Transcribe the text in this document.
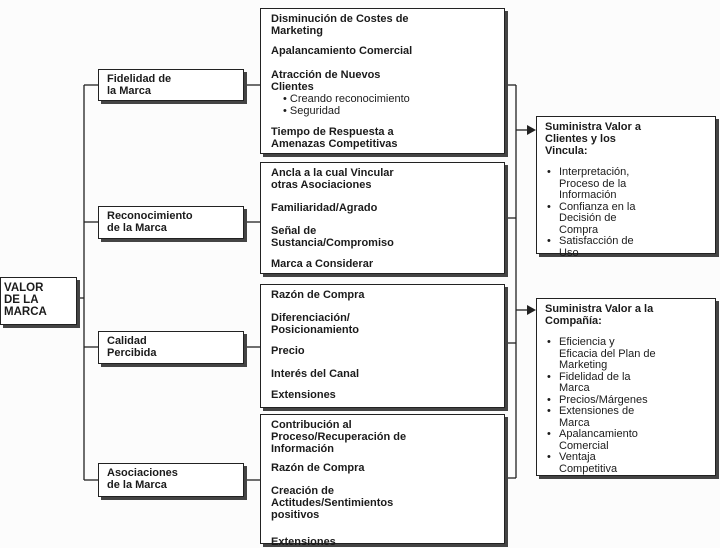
VALOR
DE LA
MARCA
Fidelidad de
la Marca
Reconocimiento
de la Marca
Calidad
Percibida
Asociaciones
de la Marca
Disminución de Costes de
Marketing
Apalancamiento Comercial
Atracción de Nuevos
Clientes
• Creando reconocimiento
• Seguridad
Tiempo de Respuesta a
Amenazas Competitivas
Ancla a la cual Vincular
otras Asociaciones
Familiaridad/Agrado
Señal de
Sustancia/Compromiso
Marca a Considerar
Razón de Compra
Diferenciación/
Posicionamiento
Precio
Interés del Canal
Extensiones
Contribución al
Proceso/Recuperación de
Información
Razón de Compra
Creación de
Actitudes/Sentimientos
positivos
Extensiones
Suministra Valor a
Clientes y los
Vincula:
• Interpretación,
Proceso de la
Información
• Confianza en la
Decisión de
Compra
• Satisfacción de
Uso
Suministra Valor a la
Compañía:
• Eficiencia y
Eficacia del Plan de
Marketing
• Fidelidad de la
Marca
• Precios/Márgenes
• Extensiones de
Marca
• Apalancamiento
Comercial
• Ventaja
Competitiva
